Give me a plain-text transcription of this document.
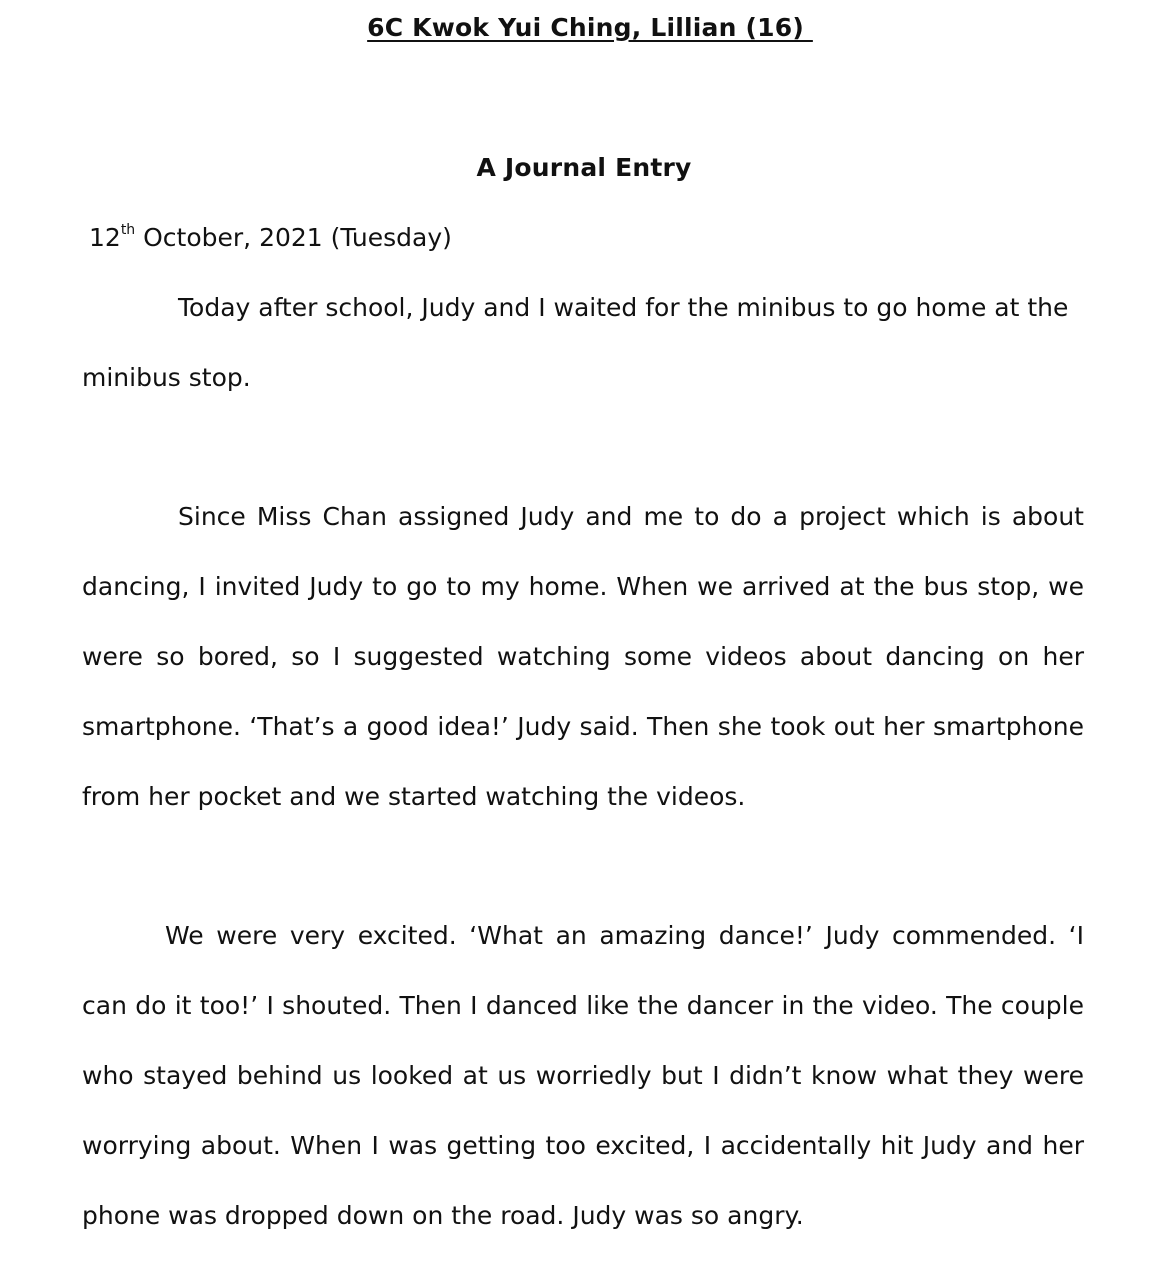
6C Kwok Yui Ching, Lillian (16)
A Journal Entry
12th October, 2021 (Tuesday)

Today after school, Judy and I waited for the minibus to go home at the minibus stop.

Since Miss Chan assigned Judy and me to do a project which is about dancing, I invited Judy to go to my home. When we arrived at the bus stop, we were so bored, so I suggested watching some videos about dancing on her smartphone. ‘That’s a good idea!’ Judy said. Then she took out her smartphone from her pocket and we started watching the videos.

We were very excited. ‘What an amazing dance!’ Judy commended. ‘I can do it too!’ I shouted. Then I danced like the dancer in the video. The couple who stayed behind us looked at us worriedly but I didn’t know what they were worrying about. When I was getting too excited, I accidentally hit Judy and her phone was dropped down on the road. Judy was so angry.
